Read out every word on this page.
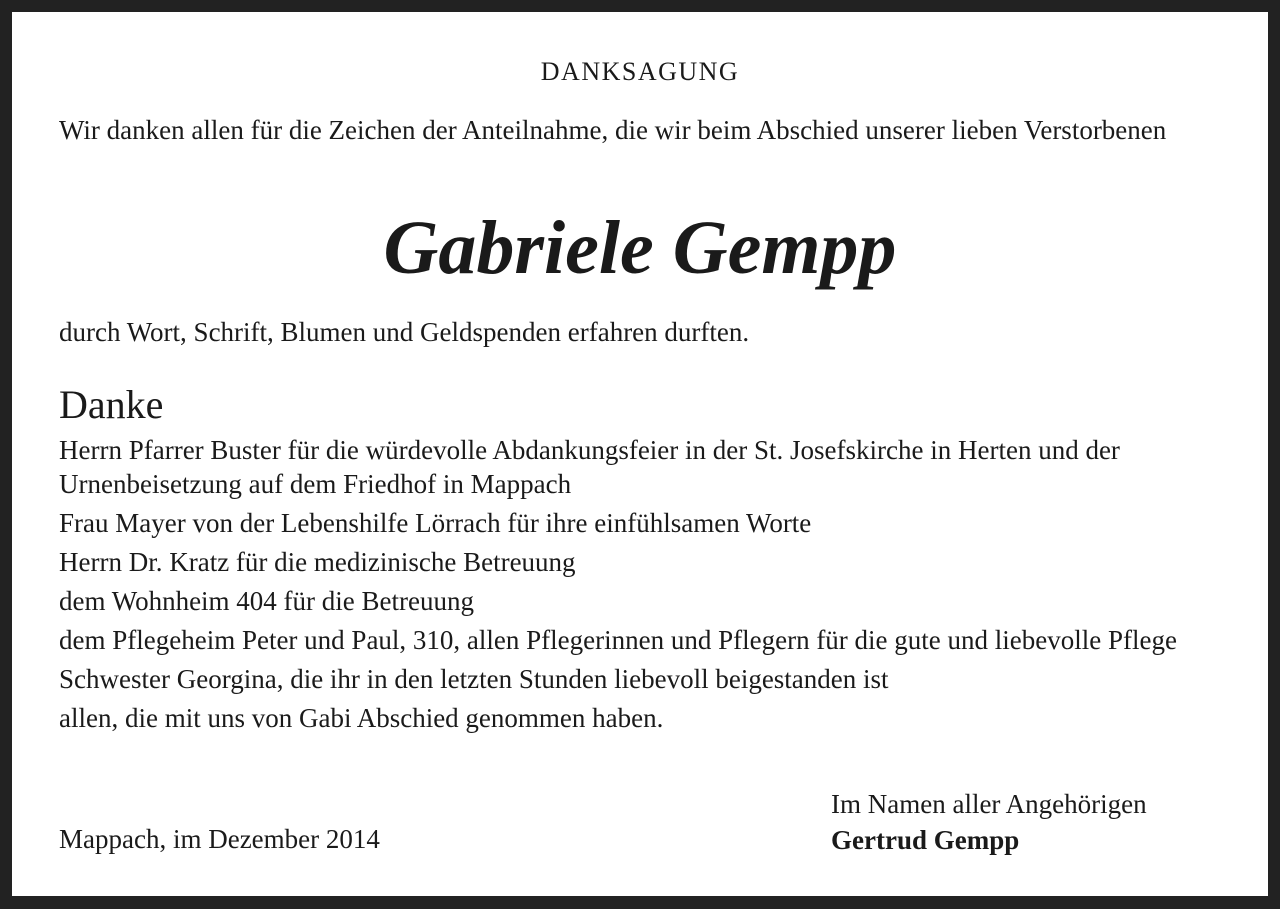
DANKSAGUNG
Wir danken allen für die Zeichen der Anteilnahme, die wir beim Abschied unserer lieben Verstorbenen
Gabriele Gempp
durch Wort, Schrift, Blumen und Geldspenden erfahren durften.
Danke
Herrn Pfarrer Buster für die würdevolle Abdankungsfeier in der St. Josefskirche in Herten und der Urnenbeisetzung auf dem Friedhof in Mappach
Frau Mayer von der Lebenshilfe Lörrach für ihre einfühlsamen Worte
Herrn Dr. Kratz für die medizinische Betreuung
dem Wohnheim 404 für die Betreuung
dem Pflegeheim Peter und Paul, 310, allen Pflegerinnen und Pflegern für die gute und liebevolle Pflege
Schwester Georgina, die ihr in den letzten Stunden liebevoll beigestanden ist
allen, die mit uns von Gabi Abschied genommen haben.
Mappach, im Dezember 2014
Im Namen aller Angehörigen
Gertrud Gempp
